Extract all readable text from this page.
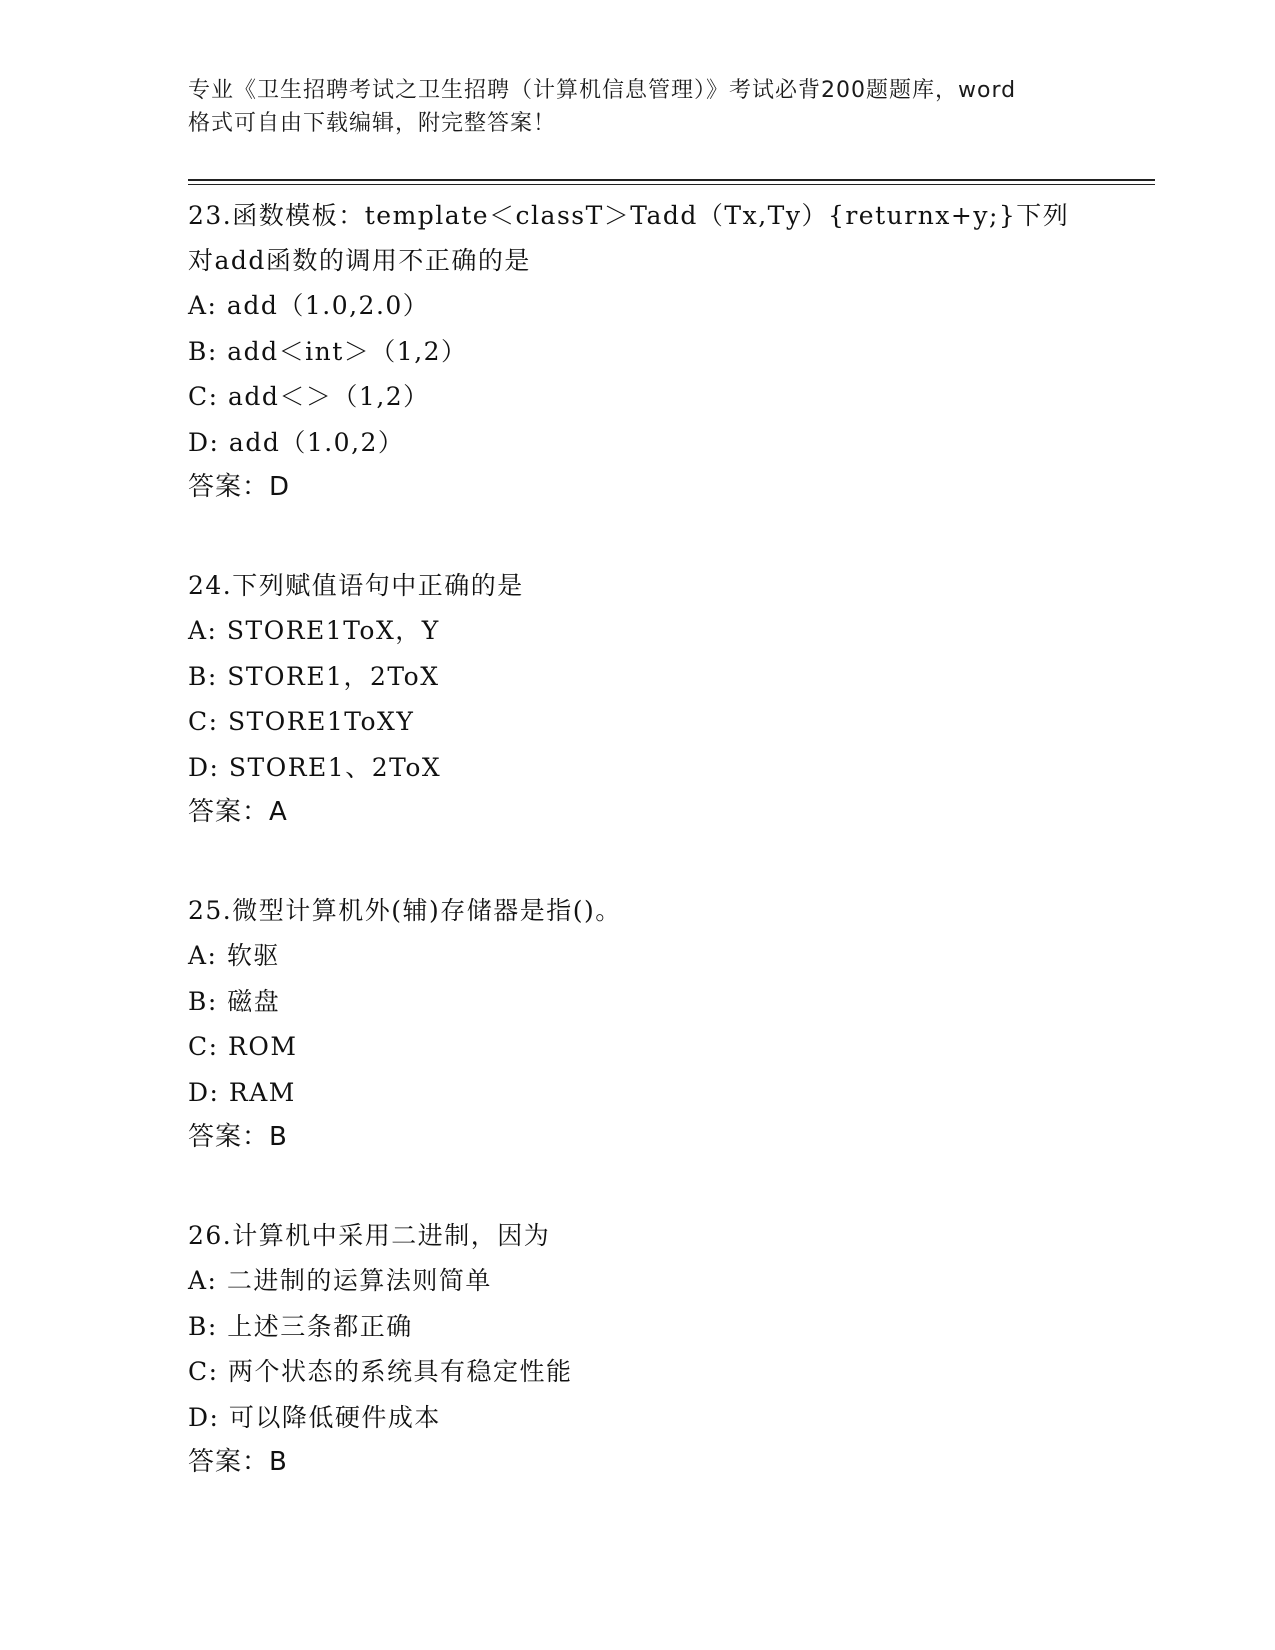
专业《卫生招聘考试之卫生招聘（计算机信息管理）》考试必背200题题库，word
格式可自由下载编辑，附完整答案！

23.函数模板：template＜classT＞Tadd（Tx,Ty）{returnx+y;}下列

对add函数的调用不正确的是

A: add（1.0,2.0）

B: add＜int＞（1,2）

C: add＜＞（1,2）

D: add（1.0,2）

答案：D

24.下列赋值语句中正确的是

A: STORE1ToX，Y

B: STORE1，2ToX

C: STORE1ToXY

D: STORE1、2ToX

答案：A

25.微型计算机外(辅)存储器是指()。

A: 软驱

B: 磁盘

C: ROM

D: RAM

答案：B

26.计算机中采用二进制，因为

A: 二进制的运算法则简单

B: 上述三条都正确

C: 两个状态的系统具有稳定性能

D: 可以降低硬件成本

答案：B
